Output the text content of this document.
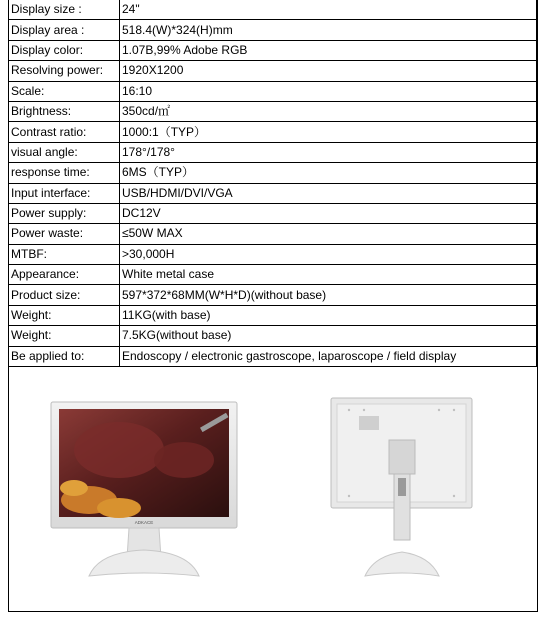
Display size :	24"
Display area :	518.4(W)*324(H)mm
Display color:	1.07B,99% Adobe RGB
Resolving power:	1920X1200
Scale:	16:10
Brightness:	350cd/㎡
Contrast ratio:	1000:1（TYP）
visual angle:	178°/178°
response time:	6MS（TYP）
Input interface:	USB/HDMI/DVI/VGA
Power supply:	DC12V
Power waste:	≤50W MAX
MTBF:	>30,000H
Appearance:	White metal case
Product size:	597*372*68MM(W*H*D)(without base)
Weight:	11KG(with base)
Weight:	7.5KG(without base)
Be applied to:	Endoscopy / electronic gastroscope, laparoscope / field display
ADKACE
